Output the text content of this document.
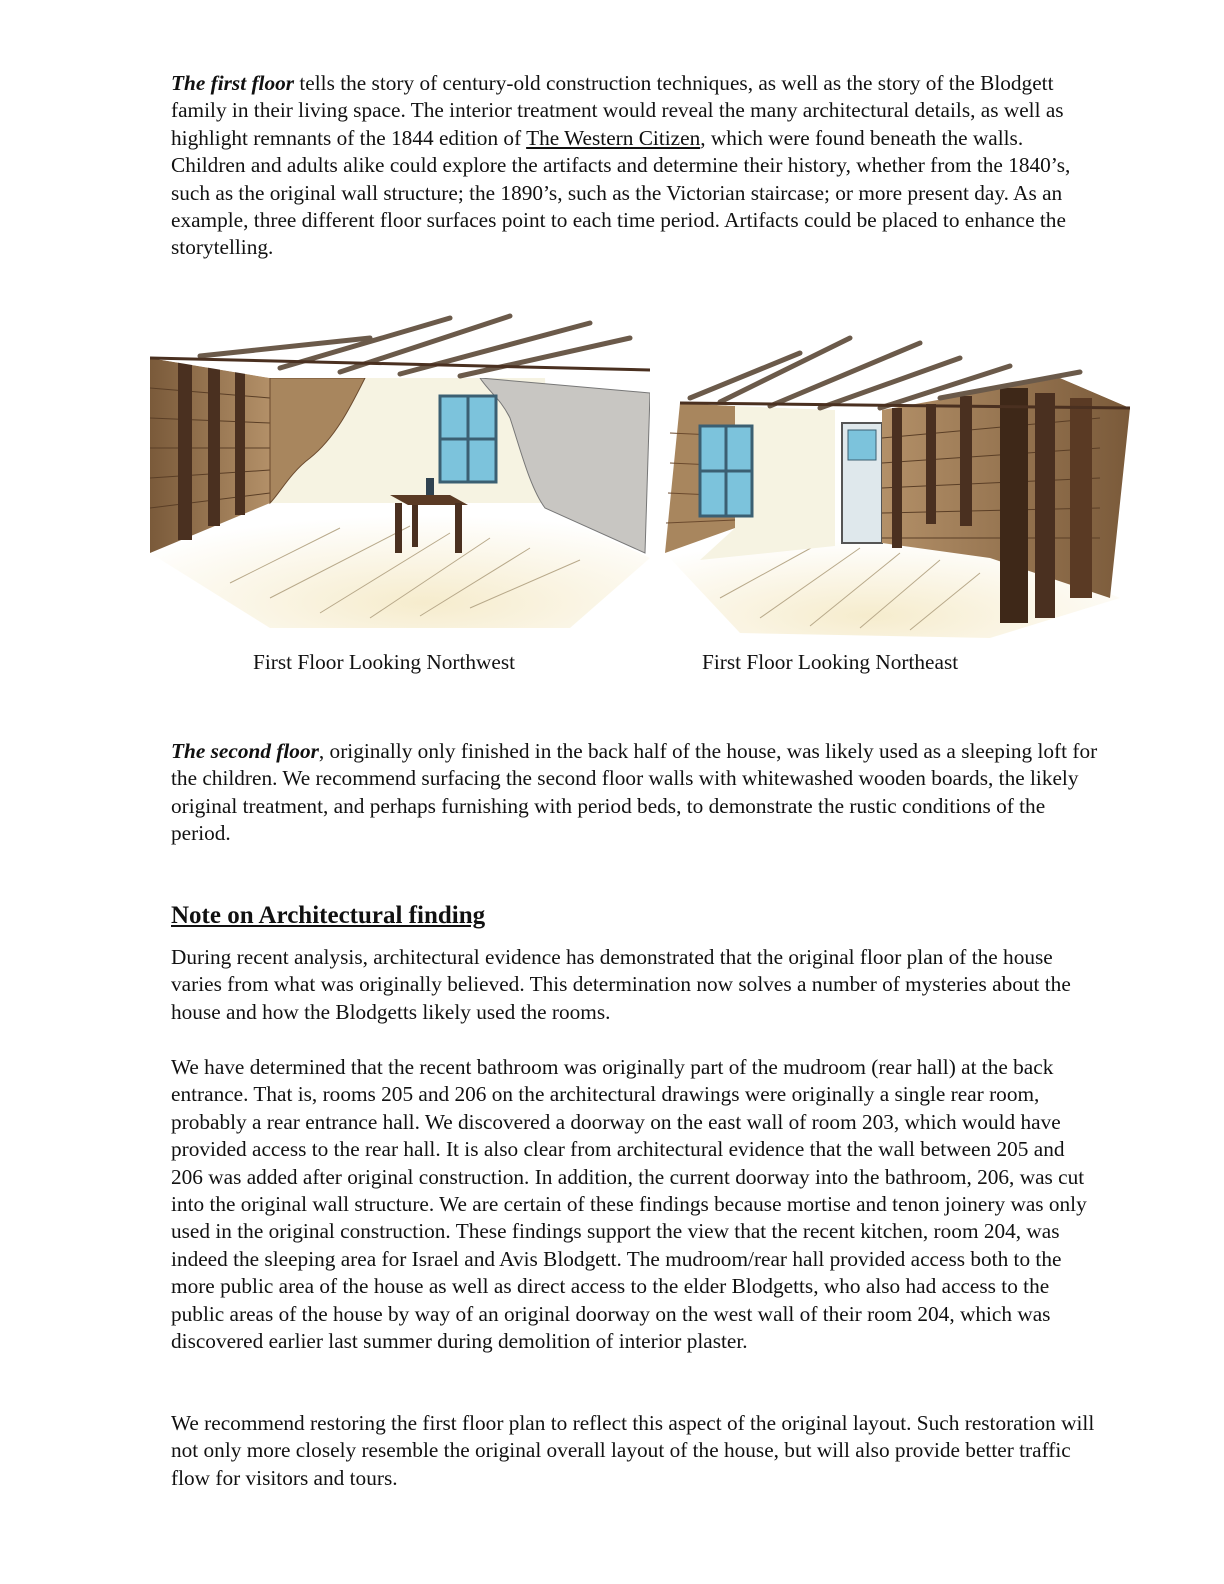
The first floor tells the story of century-old construction techniques, as well as the story of the Blodgett family in their living space. The interior treatment would reveal the many architectural details, as well as highlight remnants of the 1844 edition of The Western Citizen, which were found beneath the walls. Children and adults alike could explore the artifacts and determine their history, whether from the 1840’s, such as the original wall structure; the 1890’s, such as the Victorian staircase; or more present day. As an example, three different floor surfaces point to each time period. Artifacts could be placed to enhance the storytelling.

The second floor, originally only finished in the back half of the house, was likely used as a sleeping loft for the children. We recommend surfacing the second floor walls with whitewashed wooden boards, the likely original treatment, and perhaps furnishing with period beds, to demonstrate the rustic conditions of the period.

Note on Architectural finding

During recent analysis, architectural evidence has demonstrated that the original floor plan of the house varies from what was originally believed. This determination now solves a number of mysteries about the house and how the Blodgetts likely used the rooms.

We have determined that the recent bathroom was originally part of the mudroom (rear hall) at the back entrance. That is, rooms 205 and 206 on the architectural drawings were originally a single rear room, probably a rear entrance hall. We discovered a doorway on the east wall of room 203, which would have provided access to the rear hall. It is also clear from architectural evidence that the wall between 205 and 206 was added after original construction. In addition, the current doorway into the bathroom, 206, was cut into the original wall structure. We are certain of these findings because mortise and tenon joinery was only used in the original construction. These findings support the view that the recent kitchen, room 204, was indeed the sleeping area for Israel and Avis Blodgett. The mudroom/rear hall provided access both to the more public area of the house as well as direct access to the elder Blodgetts, who also had access to the public areas of the house by way of an original doorway on the west wall of their room 204, which was discovered earlier last summer during demolition of interior plaster.

We recommend restoring the first floor plan to reflect this aspect of the original layout. Such restoration will not only more closely resemble the original overall layout of the house, but will also provide better traffic flow for visitors and tours.

First Floor Looking Northwest	First Floor Looking Northeast
